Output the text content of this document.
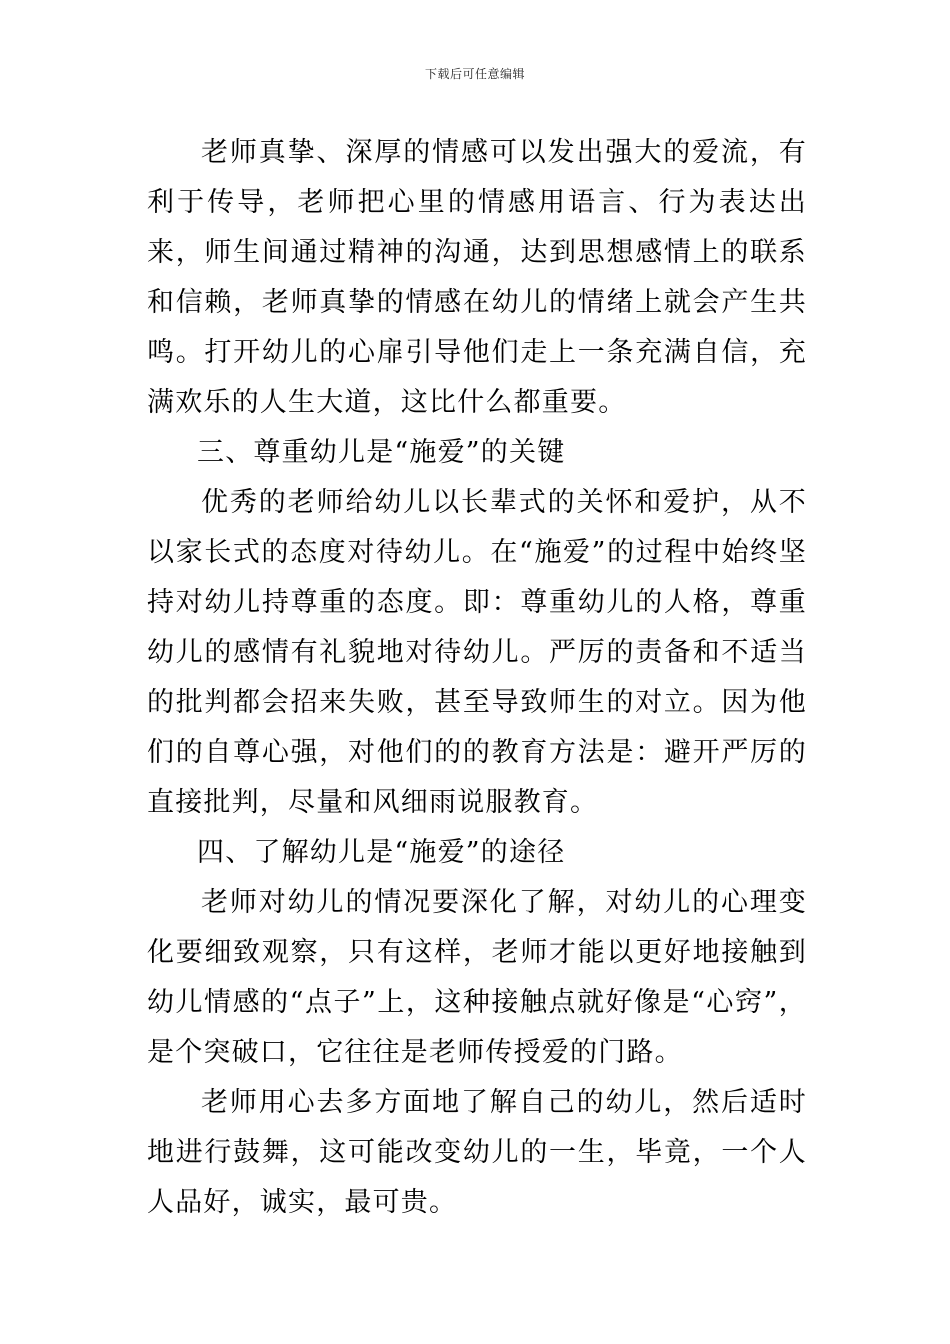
下载后可任意编辑

老师真挚、深厚的情感可以发出强大的爱流，有利于传导，老师把心里的情感用语言、行为表达出来，师生间通过精神的沟通，达到思想感情上的联系和信赖，老师真挚的情感在幼儿的情绪上就会产生共鸣。打开幼儿的心扉引导他们走上一条充满自信，充满欢乐的人生大道，这比什么都重要。

三、尊重幼儿是“施爱”的关键

优秀的老师给幼儿以长辈式的关怀和爱护，从不以家长式的态度对待幼儿。在“施爱”的过程中始终坚持对幼儿持尊重的态度。即：尊重幼儿的人格，尊重幼儿的感情有礼貌地对待幼儿。严厉的责备和不适当的批判都会招来失败，甚至导致师生的对立。因为他们的自尊心强，对他们的的教育方法是：避开严厉的直接批判，尽量和风细雨说服教育。

四、了解幼儿是“施爱”的途径

老师对幼儿的情况要深化了解，对幼儿的心理变化要细致观察，只有这样，老师才能以更好地接触到幼儿情感的“点子”上，这种接触点就好像是“心窍”，是个突破口，它往往是老师传授爱的门路。

老师用心去多方面地了解自己的幼儿，然后适时地进行鼓舞，这可能改变幼儿的一生，毕竟，一个人人品好，诚实，最可贵。
